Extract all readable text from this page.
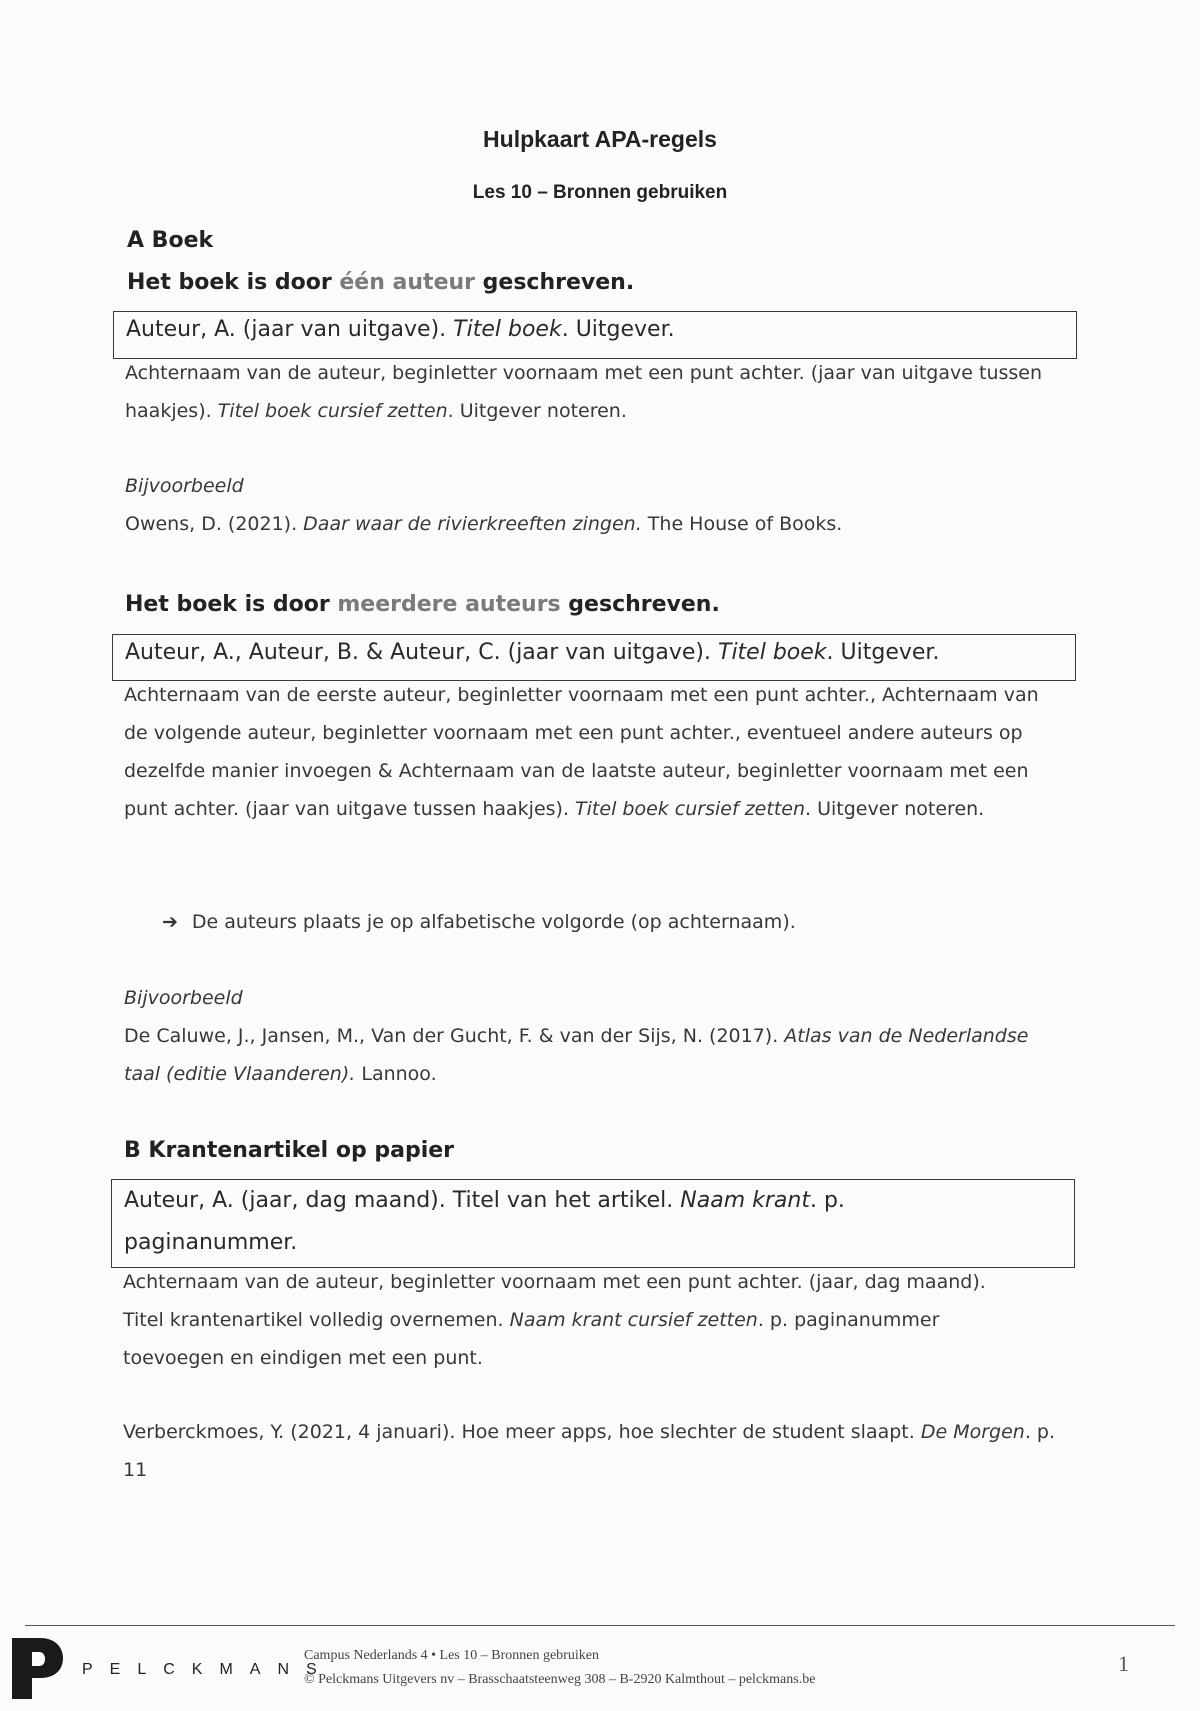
Hulpkaart APA-regels
Les 10 – Bronnen gebruiken
A Boek
Het boek is door één auteur geschreven.
Auteur, A. (jaar van uitgave). Titel boek. Uitgever.
Achternaam van de auteur, beginletter voornaam met een punt achter. (jaar van uitgave tussen haakjes). Titel boek cursief zetten. Uitgever noteren.
Bijvoorbeeld
Owens, D. (2021). Daar waar de rivierkreeften zingen. The House of Books.
Het boek is door meerdere auteurs geschreven.
Auteur, A., Auteur, B. & Auteur, C. (jaar van uitgave). Titel boek. Uitgever.
Achternaam van de eerste auteur, beginletter voornaam met een punt achter., Achternaam van de volgende auteur, beginletter voornaam met een punt achter., eventueel andere auteurs op dezelfde manier invoegen & Achternaam van de laatste auteur, beginletter voornaam met een punt achter. (jaar van uitgave tussen haakjes). Titel boek cursief zetten. Uitgever noteren.
➔ De auteurs plaats je op alfabetische volgorde (op achternaam).
Bijvoorbeeld
De Caluwe, J., Jansen, M., Van der Gucht, F. & van der Sijs, N. (2017). Atlas van de Nederlandse taal (editie Vlaanderen). Lannoo.
B Krantenartikel op papier
Auteur, A. (jaar, dag maand). Titel van het artikel. Naam krant. p. paginanummer.
Achternaam van de auteur, beginletter voornaam met een punt achter. (jaar, dag maand). Titel krantenartikel volledig overnemen. Naam krant cursief zetten. p. paginanummer toevoegen en eindigen met een punt.
Verberckmoes, Y. (2021, 4 januari). Hoe meer apps, hoe slechter de student slaapt. De Morgen. p. 11
PELCKMANS
Campus Nederlands 4 • Les 10 – Bronnen gebruiken
© Pelckmans Uitgevers nv – Brasschaatsteenweg 308 – B-2920 Kalmthout – pelckmans.be
1
